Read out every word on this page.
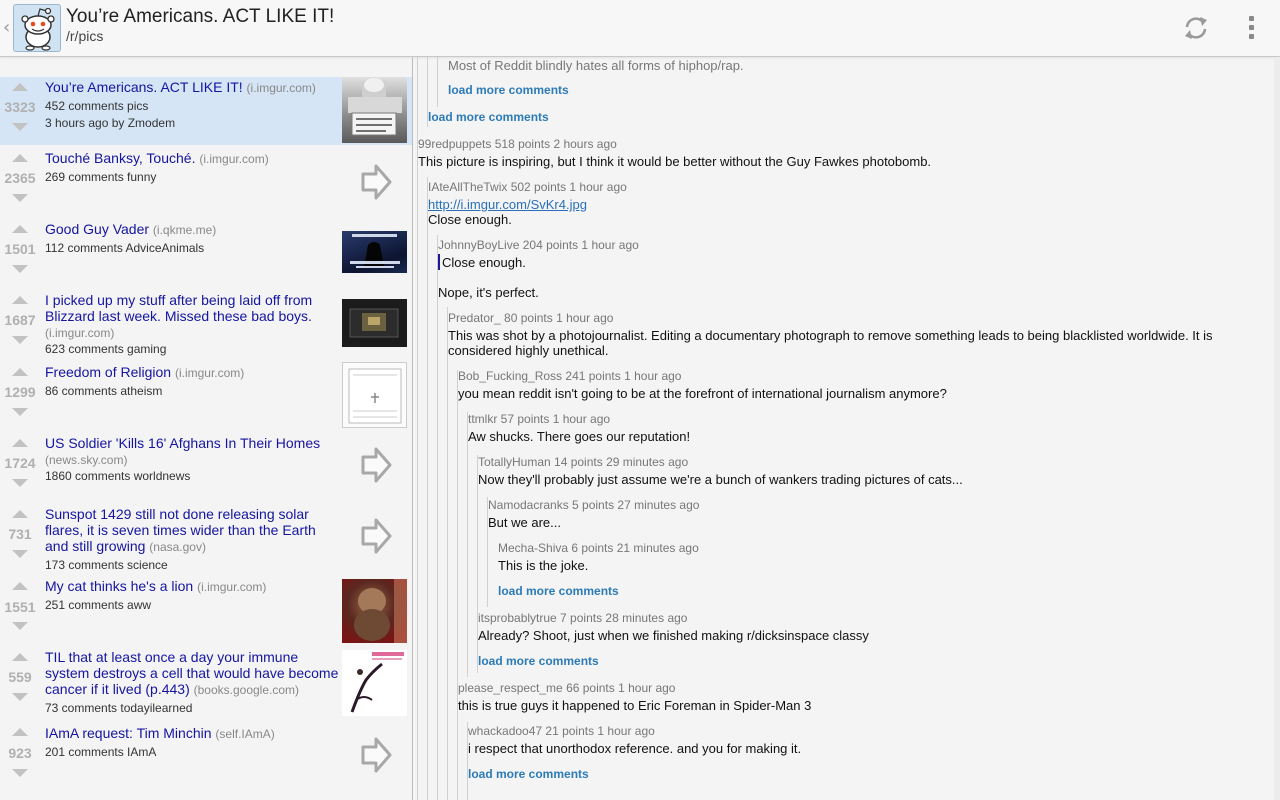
‹
You’re Americans. ACT LIKE IT!
/r/pics
3323
You’re Americans. ACT LIKE IT! (i.imgur.com)
452 comments pics
3 hours ago by Zmodem
2365
Touché Banksy, Touché. (i.imgur.com)
269 comments funny
1501
Good Guy Vader (i.qkme.me)
112 comments AdviceAnimals
1687
I picked up my stuff after being laid off from Blizzard last week. Missed these bad boys. (i.imgur.com)
623 comments gaming
1299
Freedom of Religion (i.imgur.com)
86 comments atheism
1724
US Soldier 'Kills 16' Afghans In Their Homes
(news.sky.com)
1860 comments worldnews
731
Sunspot 1429 still not done releasing solar flares, it is seven times wider than the Earth and still growing (nasa.gov)
173 comments science
1551
My cat thinks he's a lion (i.imgur.com)
251 comments aww
559
TIL that at least once a day your immune system destroys a cell that would have become cancer if it lived (p.443) (books.google.com)
73 comments todayilearned
923
IAmA request: Tim Minchin (self.IAmA)
201 comments IAmA
Most of Reddit blindly hates all forms of hiphop/rap.
load more comments
load more comments
99redpuppets 518 points 2 hours ago
This picture is inspiring, but I think it would be better without the Guy Fawkes photobomb.
IAteAllTheTwix 502 points 1 hour ago
http://i.imgur.com/SvKr4.jpg
Close enough.
JohnnyBoyLive 204 points 1 hour ago
Close enough.
Nope, it's perfect.
Predator_ 80 points 1 hour ago
This was shot by a photojournalist. Editing a documentary photograph to remove something leads to being blacklisted worldwide. It is
considered highly unethical.
Bob_Fucking_Ross 241 points 1 hour ago
you mean reddit isn't going to be at the forefront of international journalism anymore?
ttmlkr 57 points 1 hour ago
Aw shucks. There goes our reputation!
TotallyHuman 14 points 29 minutes ago
Now they'll probably just assume we're a bunch of wankers trading pictures of cats...
Namodacranks 5 points 27 minutes ago
But we are...
Mecha-Shiva 6 points 21 minutes ago
This is the joke.
load more comments
itsprobablytrue 7 points 28 minutes ago
Already? Shoot, just when we finished making r/dicksinspace classy
load more comments
please_respect_me 66 points 1 hour ago
this is true guys it happened to Eric Foreman in Spider-Man 3
whackadoo47 21 points 1 hour ago
i respect that unorthodox reference. and you for making it.
load more comments
